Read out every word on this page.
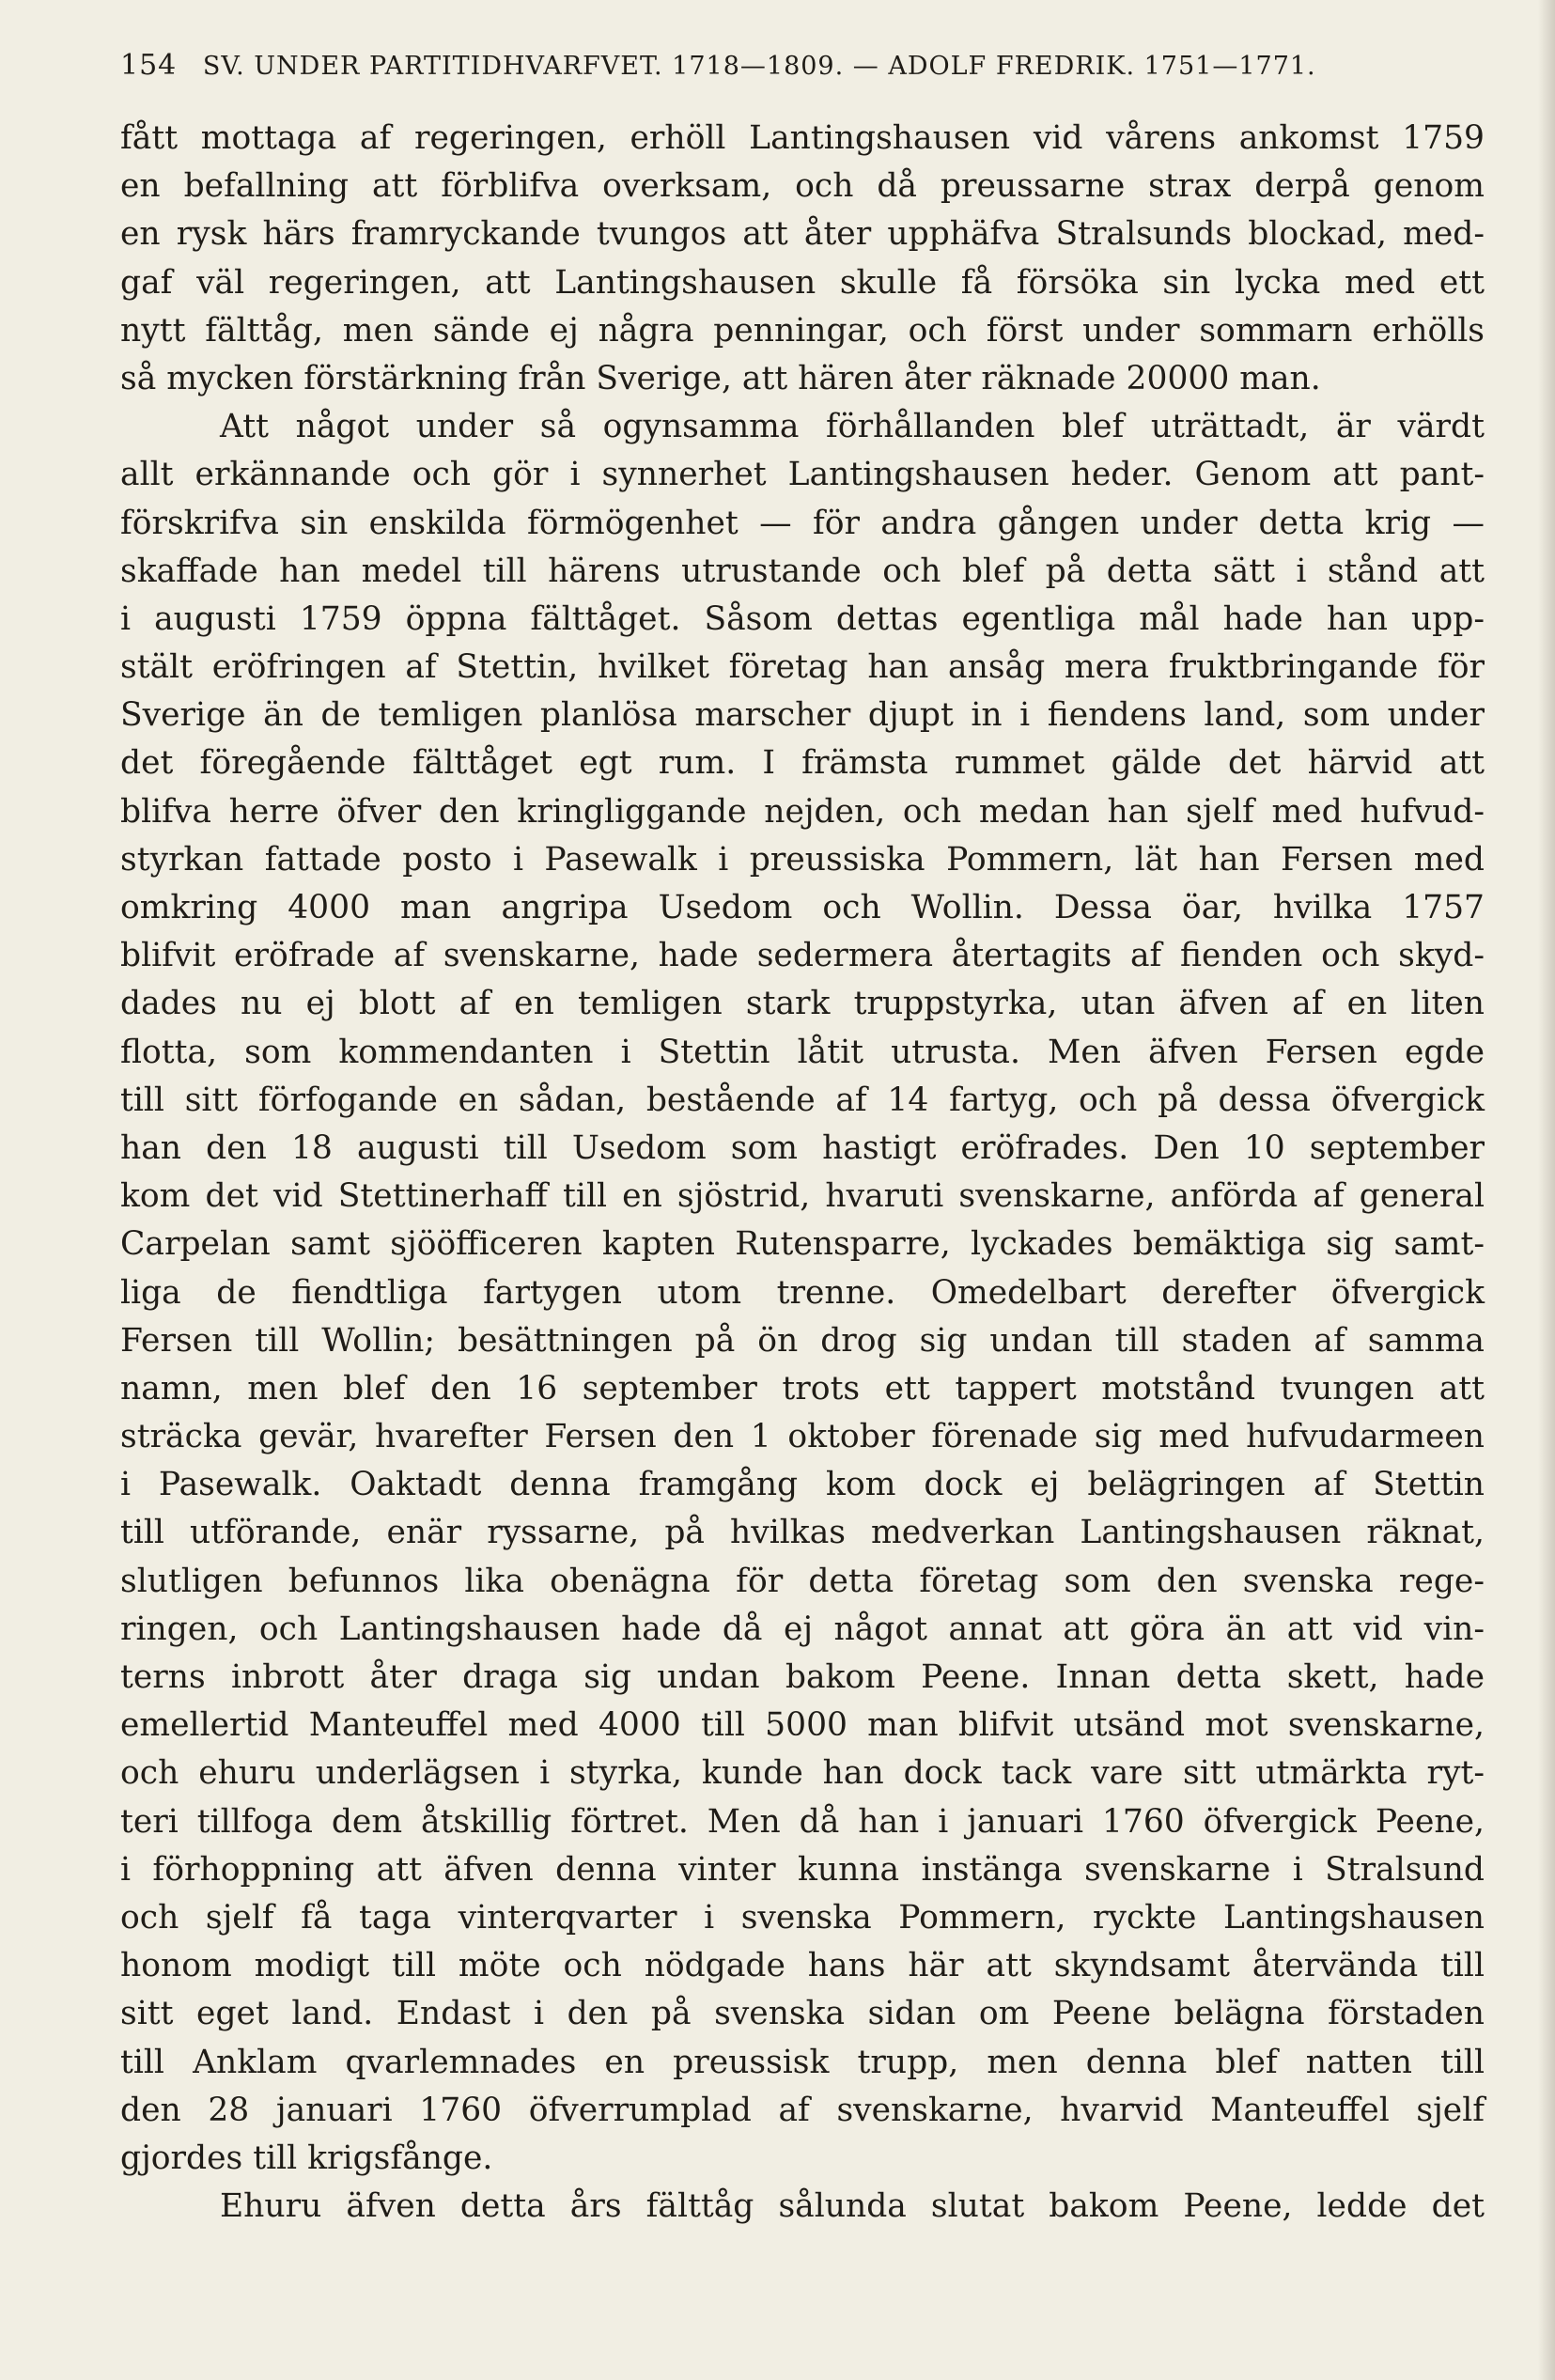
154 SV. UNDER PARTITIDHVARFVET. 1718—1809. — ADOLF FREDRIK. 1751—1771.
fått mottaga af regeringen, erhöll Lantingshausen vid vårens ankomst 1759
en befallning att förblifva overksam, och då preussarne strax derpå genom
en rysk härs framryckande tvungos att åter upphäfva Stralsunds blockad, med-
gaf väl regeringen, att Lantingshausen skulle få försöka sin lycka med ett
nytt fälttåg, men sände ej några penningar, och först under sommarn erhölls
så mycken förstärkning från Sverige, att hären åter räknade 20000 man.
Att något under så ogynsamma förhållanden blef uträttadt, är värdt
allt erkännande och gör i synnerhet Lantingshausen heder. Genom att pant-
förskrifva sin enskilda förmögenhet — för andra gången under detta krig —
skaffade han medel till härens utrustande och blef på detta sätt i stånd att
i augusti 1759 öppna fälttåget. Såsom dettas egentliga mål hade han upp-
stält eröfringen af Stettin, hvilket företag han ansåg mera fruktbringande för
Sverige än de temligen planlösa marscher djupt in i fiendens land, som under
det föregående fälttåget egt rum. I främsta rummet gälde det härvid att
blifva herre öfver den kringliggande nejden, och medan han sjelf med hufvud-
styrkan fattade posto i Pasewalk i preussiska Pommern, lät han Fersen med
omkring 4000 man angripa Usedom och Wollin. Dessa öar, hvilka 1757
blifvit eröfrade af svenskarne, hade sedermera återtagits af fienden och skyd-
dades nu ej blott af en temligen stark truppstyrka, utan äfven af en liten
flotta, som kommendanten i Stettin låtit utrusta. Men äfven Fersen egde
till sitt förfogande en sådan, bestående af 14 fartyg, och på dessa öfvergick
han den 18 augusti till Usedom som hastigt eröfrades. Den 10 september
kom det vid Stettinerhaff till en sjöstrid, hvaruti svenskarne, anförda af general
Carpelan samt sjööfficeren kapten Rutensparre, lyckades bemäktiga sig samt-
liga de fiendtliga fartygen utom trenne. Omedelbart derefter öfvergick
Fersen till Wollin; besättningen på ön drog sig undan till staden af samma
namn, men blef den 16 september trots ett tappert motstånd tvungen att
sträcka gevär, hvarefter Fersen den 1 oktober förenade sig med hufvudarmeen
i Pasewalk. Oaktadt denna framgång kom dock ej belägringen af Stettin
till utförande, enär ryssarne, på hvilkas medverkan Lantingshausen räknat,
slutligen befunnos lika obenägna för detta företag som den svenska rege-
ringen, och Lantingshausen hade då ej något annat att göra än att vid vin-
terns inbrott åter draga sig undan bakom Peene. Innan detta skett, hade
emellertid Manteuffel med 4000 till 5000 man blifvit utsänd mot svenskarne,
och ehuru underlägsen i styrka, kunde han dock tack vare sitt utmärkta ryt-
teri tillfoga dem åtskillig förtret. Men då han i januari 1760 öfvergick Peene,
i förhoppning att äfven denna vinter kunna instänga svenskarne i Stralsund
och sjelf få taga vinterqvarter i svenska Pommern, ryckte Lantingshausen
honom modigt till möte och nödgade hans här att skyndsamt återvända till
sitt eget land. Endast i den på svenska sidan om Peene belägna förstaden
till Anklam qvarlemnades en preussisk trupp, men denna blef natten till
den 28 januari 1760 öfverrumplad af svenskarne, hvarvid Manteuffel sjelf
gjordes till krigsfånge.
Ehuru äfven detta års fälttåg sålunda slutat bakom Peene, ledde det
